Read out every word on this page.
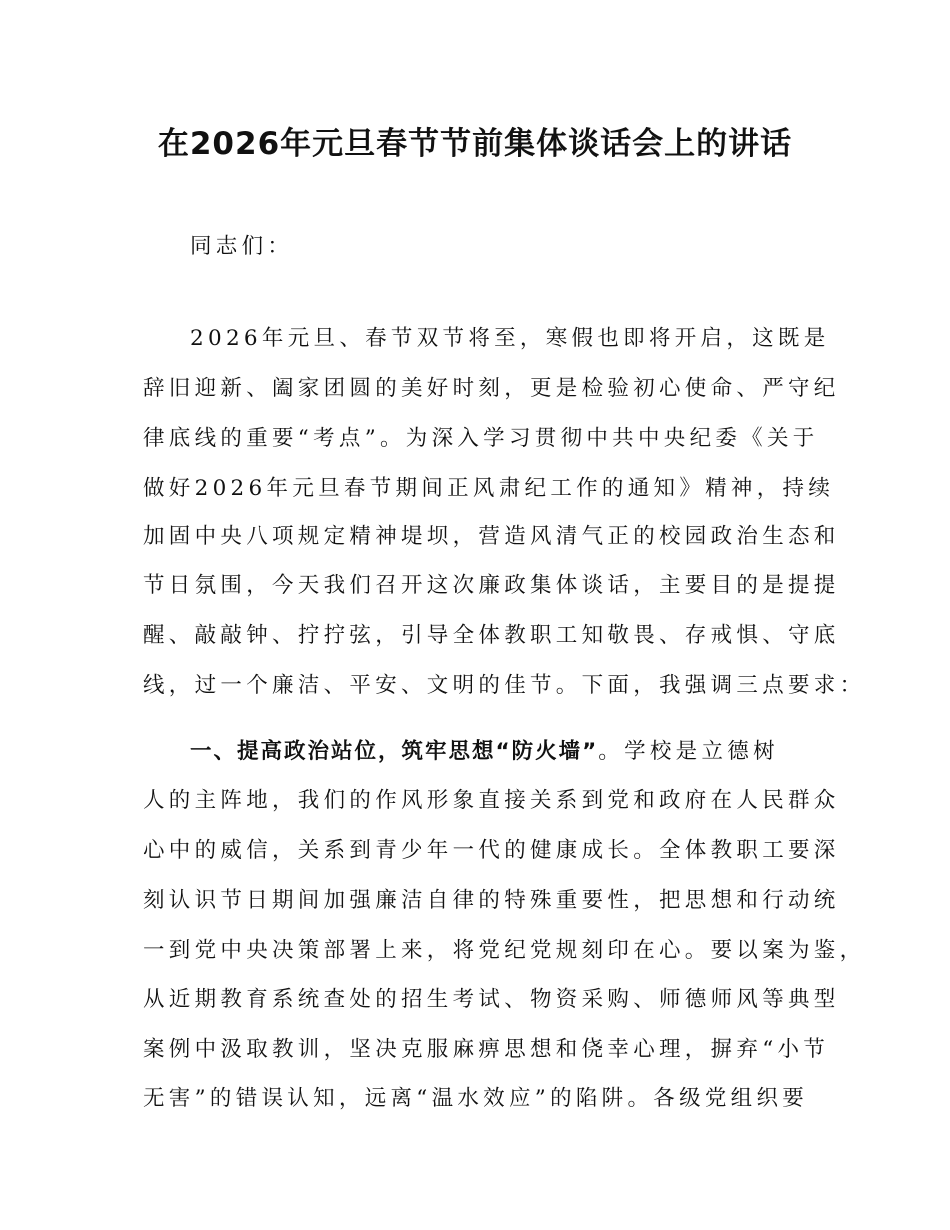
在2026年元旦春节节前集体谈话会上的讲话
同志们：
2026年元旦、春节双节将至，寒假也即将开启，这既是
辞旧迎新、阖家团圆的美好时刻，更是检验初心使命、严守纪
律底线的重要“考点”。为深入学习贯彻中共中央纪委《关于
做好2026年元旦春节期间正风肃纪工作的通知》精神，持续
加固中央八项规定精神堤坝，营造风清气正的校园政治生态和
节日氛围，今天我们召开这次廉政集体谈话，主要目的是提提
醒、敲敲钟、拧拧弦，引导全体教职工知敬畏、存戒惧、守底
线，过一个廉洁、平安、文明的佳节。下面，我强调三点要求：
一、提高政治站位，筑牢思想“防火墙”。学校是立德树
人的主阵地，我们的作风形象直接关系到党和政府在人民群众
心中的威信，关系到青少年一代的健康成长。全体教职工要深
刻认识节日期间加强廉洁自律的特殊重要性，把思想和行动统
一到党中央决策部署上来，将党纪党规刻印在心。要以案为鉴，
从近期教育系统查处的招生考试、物资采购、师德师风等典型
案例中汲取教训，坚决克服麻痹思想和侥幸心理，摒弃“小节
无害”的错误认知，远离“温水效应”的陷阱。各级党组织要
